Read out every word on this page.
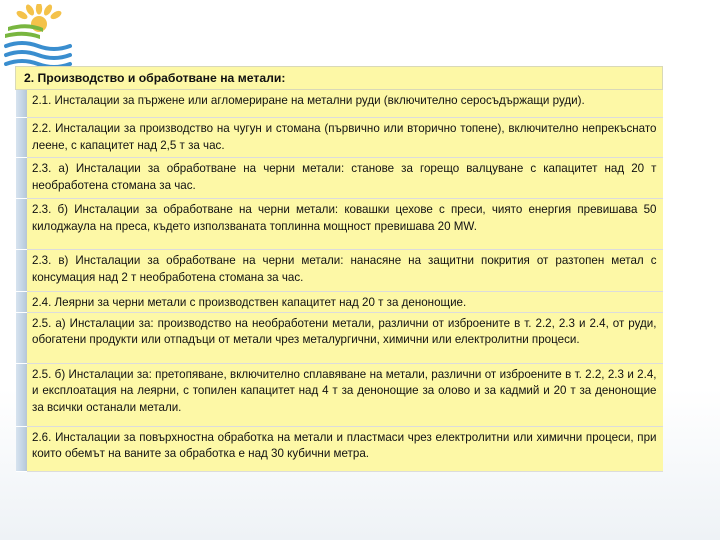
2. Производство и обработване на метали:	

	2.1. Инсталации за пържене или агломериране на метални руди (включително серосъдържащи руди).

	2.2. Инсталации за производство на чугун и стомана (първично или вторично топене), включително непрекъснато леене, с капацитет над 2,5 т за час.

	2.3. а) Инсталации за обработване на черни метали: станове за горещо валцуване с капацитет над 20 т необработена стомана за час.

	2.3. б) Инсталации за обработване на черни метали: ковашки цехове с преси, чиято енергия превишава 50 килоджаула на преса, където използваната топлинна мощност превишава 20 MW.

	2.3. в) Инсталации за обработване на черни метали: нанасяне на защитни покрития от разтопен метал с консумация над 2 т необработена стомана за час.

	2.4. Леярни за черни метали с производствен капацитет над 20 т за денонощие.

	2.5. а) Инсталации за: производство на необработени метали, различни от изброените в т. 2.2, 2.3 и 2.4, от руди, обогатени продукти или отпадъци от метали чрез металургични, химични или електролитни процеси.

	2.5. б) Инсталации за: претопяване, включително сплавяване на метали, различни от изброените в т. 2.2, 2.3 и 2.4, и експлоатация на леярни, с топилен капацитет над 4 т за денонощие за олово и за кадмий и 20 т за денонощие за всички останали метали.

	2.6. Инсталации за повърхностна обработка на метали и пластмаси чрез електролитни или химични процеси, при които обемът на ваните за обработка е над 30 кубични метра.
